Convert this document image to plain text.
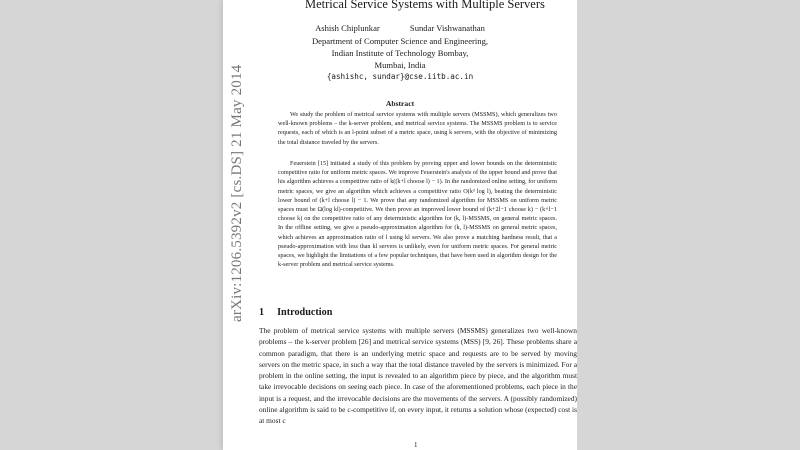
arXiv:1206.5392v2 [cs.DS] 21 May 2014
Metrical Service Systems with Multiple Servers
Ashish Chiplunkar	Sundar Vishwanathan
Department of Computer Science and Engineering,
Indian Institute of Technology Bombay,
Mumbai, India
{ashishc, sundar}@cse.iitb.ac.in
Abstract

We study the problem of metrical service systems with multiple servers (MSSMS), which generalizes two well-known problems – the k-server problem, and metrical service systems. The MSSMS problem is to service requests, each of which is an l-point subset of a metric space, using k servers, with the objective of minimizing the total distance traveled by the servers.

Feuerstein [15] initiated a study of this problem by proving upper and lower bounds on the deterministic competitive ratio for uniform metric spaces. We improve Feuerstein's analysis of the upper bound and prove that his algorithm achieves a competitive ratio of k((k+l choose l) − 1). In the randomized online setting, for uniform metric spaces, we give an algorithm which achieves a competitive ratio O(k³ log l), beating the deterministic lower bound of (k+l choose l) − 1. We prove that any randomized algorithm for MSSMS on uniform metric spaces must be Ω(log kl)-competitive. We then prove an improved lower bound of (k+2l−1 choose k) − (k+l−1 choose k) on the competitive ratio of any deterministic algorithm for (k, l)-MSSMS, on general metric spaces. In the offline setting, we give a pseudo-approximation algorithm for (k, l)-MSSMS on general metric spaces, which achieves an approximation ratio of l using kl servers. We also prove a matching hardness result, that a pseudo-approximation with less than kl servers is unlikely, even for uniform metric spaces. For general metric spaces, we highlight the limitations of a few popular techniques, that have been used in algorithm design for the k-server problem and metrical service systems.

1 Introduction

The problem of metrical service systems with multiple servers (MSSMS) generalizes two well-known problems – the k-server problem [26] and metrical service systems (MSS) [9, 26]. These problems share a common paradigm, that there is an underlying metric space and requests are to be served by moving servers on the metric space, in such a way that the total distance traveled by the servers is minimized. For a problem in the online setting, the input is revealed to an algorithm piece by piece, and the algorithm must take irrevocable decisions on seeing each piece. In case of the aforementioned problems, each piece in the input is a request, and the irrevocable decisions are the movements of the servers. A (possibly randomized) online algorithm is said to be c-competitive if, on every input, it returns a solution whose (expected) cost is at most c

1
